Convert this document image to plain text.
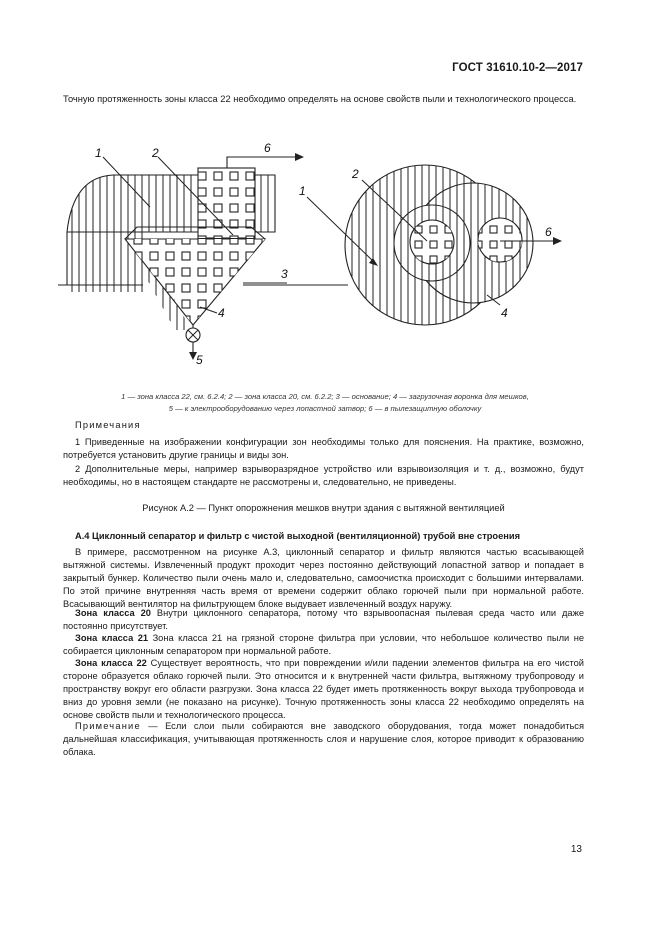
ГОСТ 31610.10-2—2017
Точную протяженность зоны класса 22 необходимо определять на основе свойств пыли и технологического процесса.
1	2	6
3
4
5
1
2
6
4
1 — зона класса 22, см. 6.2.4; 2 — зона класса 20, см. 6.2.2; 3 — основание; 4 — загрузочная воронка для мешков,
5 — к электрооборудованию через лопастной затвор; 6 — в пылезащитную оболочку
Примечания
1 Приведенные на изображении конфигурации зон необходимы только для пояснения. На практике, возможно, потребуется установить другие границы и виды зон.
2 Дополнительные меры, например взрыворазрядное устройство или взрывоизоляция и т. д., возможно, будут необходимы, но в настоящем стандарте не рассмотрены и, следовательно, не приведены.
Рисунок А.2 — Пункт опорожнения мешков внутри здания с вытяжной вентиляцией
А.4 Циклонный сепаратор и фильтр с чистой выходной (вентиляционной) трубой вне строения
В примере, рассмотренном на рисунке А.3, циклонный сепаратор и фильтр являются частью всасывающей вытяжной системы. Извлеченный продукт проходит через постоянно действующий лопастной затвор и попадает в закрытый бункер. Количество пыли очень мало и, следовательно, самоочистка происходит с большими интервалами. По этой причине внутренняя часть время от времени содержит облако горючей пыли при нормальной работе. Всасывающий вентилятор на фильтрующем блоке выдувает извлеченный воздух наружу.
Зона класса 20 Внутри циклонного сепаратора, потому что взрывоопасная пылевая среда часто или даже постоянно присутствует.
Зона класса 21 Зона класса 21 на грязной стороне фильтра при условии, что небольшое количество пыли не собирается циклонным сепаратором при нормальной работе.
Зона класса 22 Существует вероятность, что при повреждении и/или падении элементов фильтра на его чистой стороне образуется облако горючей пыли. Это относится и к внутренней части фильтра, вытяжному трубопроводу и пространству вокруг его области разгрузки. Зона класса 22 будет иметь протяженность вокруг выхода трубопровода и вниз до уровня земли (не показано на рисунке). Точную протяженность зоны класса 22 необходимо определять на основе свойств пыли и технологического процесса.
Примечание — Если слои пыли собираются вне заводского оборудования, тогда может понадобиться дальнейшая классификация, учитывающая протяженность слоя и нарушение слоя, которое приводит к образованию облака.
13
